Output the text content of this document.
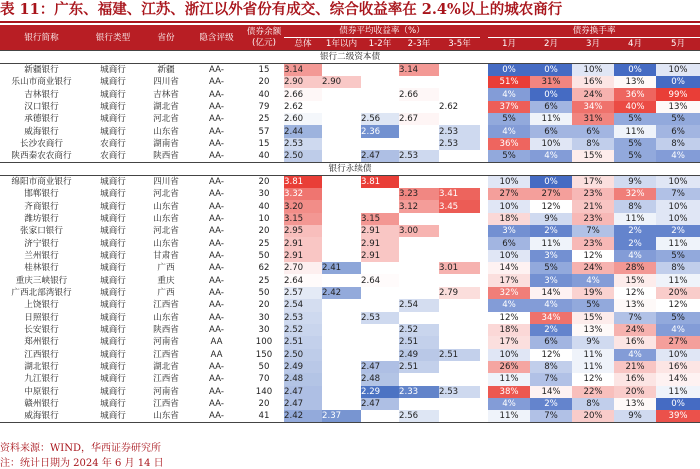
表 11：广东、福建、江苏、浙江以外省份有成交、综合收益率在 2.4%以上的城农商行
银行简称	银行类型	省份	隐含评级	债券余额
(亿元)	债券平均收益率（%）						债券换手率				
					总体	1年以内	1-2年	2-3年	3-5年		1月	2月	3月	4月	5月
银行二级资本债															
新疆银行	城商行	新疆	AA-	15	3.14			3.14			0%	0%	10%	0%	10%
乐山市商业银行	城商行	四川省	AA-	20	2.90	2.90					51%	31%	16%	13%	0%
吉林银行	城商行	吉林省	AA-	40	2.66			2.66			4%	0%	24%	36%	99%
汉口银行	城商行	湖北省	AA-	79	2.62				2.62		37%	6%	34%	40%	13%
承德银行	城商行	河北省	AA-	25	2.60		2.56	2.67			5%	11%	31%	5%	5%
威海银行	城商行	山东省	AA-	57	2.44		2.36		2.53		4%	6%	6%	11%	6%
长沙农商行	农商行	湖南省	AA-	15	2.53				2.53		36%	10%	8%	5%	8%
陕西秦农农商行	农商行	陕西省	AA-	40	2.50		2.47	2.53			5%	4%	15%	5%	4%
银行永续债															
绵阳市商业银行	城商行	四川省	AA-	20	3.81		3.81				10%	0%	17%	9%	10%
邯郸银行	城商行	河北省	AA-	30	3.32			3.23	3.41		27%	27%	23%	32%	7%
齐商银行	城商行	山东省	AA-	40	3.20			3.12	3.45		10%	12%	21%	8%	10%
潍坊银行	城商行	山东省	AA-	10	3.15		3.15				18%	9%	23%	11%	10%
张家口银行	城商行	河北省	AA-	20	2.95		2.91	3.00			3%	2%	7%	2%	2%
济宁银行	城商行	山东省	AA-	25	2.91		2.91				6%	11%	23%	2%	11%
兰州银行	城商行	甘肃省	AA-	50	2.91		2.91				10%	3%	12%	4%	5%
桂林银行	城商行	广西	AA-	62	2.70	2.41			3.01		14%	5%	24%	28%	8%
重庆三峡银行	城商行	重庆	AA-	25	2.64		2.64				17%	3%	4%	15%	11%
广西北部湾银行	城商行	广西	AA-	50	2.57	2.42			2.79		32%	14%	19%	12%	20%
上饶银行	城商行	江西省	AA-	20	2.54			2.54			4%	4%	5%	13%	12%
日照银行	城商行	山东省	AA-	30	2.53		2.53				12%	34%	15%	7%	5%
长安银行	城商行	陕西省	AA-	30	2.52			2.52			18%	2%	13%	24%	4%
郑州银行	城商行	河南省	AA	100	2.51			2.51			17%	6%	9%	16%	27%
江西银行	城商行	江西省	AA	150	2.50			2.49	2.51		10%	12%	11%	4%	10%
湖北银行	城商行	湖北省	AA-	50	2.49		2.47	2.51			26%	8%	11%	21%	16%
九江银行	城商行	江西省	AA-	70	2.48		2.48				11%	7%	12%	16%	14%
中原银行	城商行	河南省	AA-	140	2.47		2.29	2.33	2.53		38%	14%	22%	20%	11%
赣州银行	城商行	江西省	AA-	20	2.47		2.47				4%	2%	8%	13%	0%
威海银行	城商行	山东省	AA-	41	2.42	2.37		2.56			11%	7%	20%	9%	39%
资料来源：WIND，华西证券研究所
注：统计日期为 2024 年 6 月 14 日
